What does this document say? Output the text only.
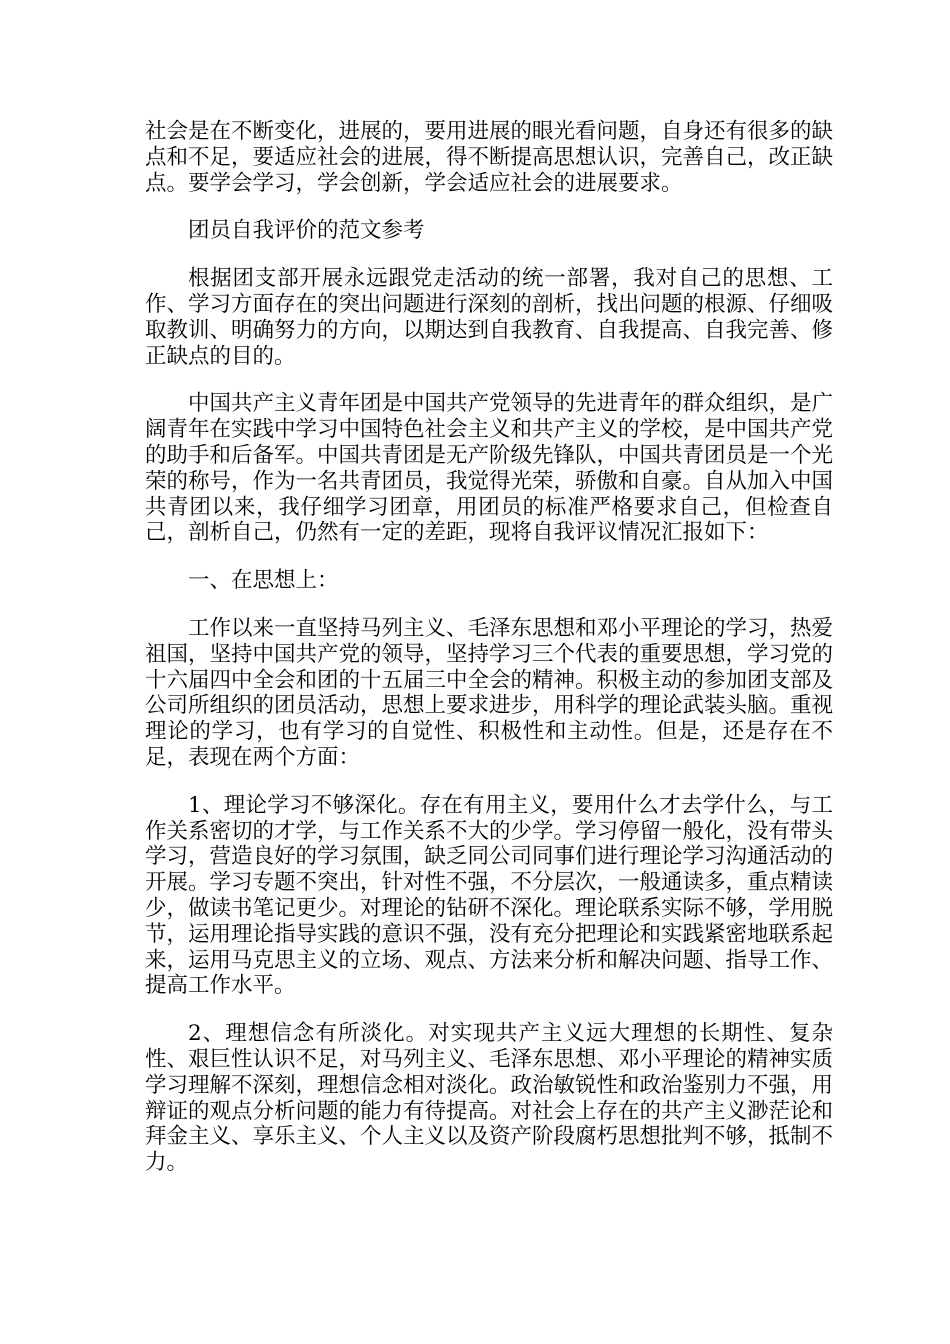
社会是在不断变化，进展的，要用进展的眼光看问题，自身还有很多的缺点和不足，要适应社会的进展，得不断提高思想认识，完善自己，改正缺点。要学会学习，学会创新，学会适应社会的进展要求。

团员自我评价的范文参考

根据团支部开展永远跟党走活动的统一部署，我对自己的思想、工作、学习方面存在的突出问题进行深刻的剖析，找出问题的根源、仔细吸取教训、明确努力的方向，以期达到自我教育、自我提高、自我完善、修正缺点的目的。

中国共产主义青年团是中国共产党领导的先进青年的群众组织，是广阔青年在实践中学习中国特色社会主义和共产主义的学校，是中国共产党的助手和后备军。中国共青团是无产阶级先锋队，中国共青团员是一个光荣的称号，作为一名共青团员，我觉得光荣，骄傲和自豪。自从加入中国共青团以来，我仔细学习团章，用团员的标准严格要求自己，但检查自己，剖析自己，仍然有一定的差距，现将自我评议情况汇报如下：

一、在思想上：

工作以来一直坚持马列主义、毛泽东思想和邓小平理论的学习，热爱祖国，坚持中国共产党的领导，坚持学习三个代表的重要思想，学习党的十六届四中全会和团的十五届三中全会的精神。积极主动的参加团支部及公司所组织的团员活动，思想上要求进步，用科学的理论武装头脑。重视理论的学习，也有学习的自觉性、积极性和主动性。但是，还是存在不足，表现在两个方面：

1、理论学习不够深化。存在有用主义，要用什么才去学什么，与工作关系密切的才学，与工作关系不大的少学。学习停留一般化，没有带头学习，营造良好的学习氛围，缺乏同公司同事们进行理论学习沟通活动的开展。学习专题不突出，针对性不强，不分层次，一般通读多，重点精读少，做读书笔记更少。对理论的钻研不深化。理论联系实际不够，学用脱节，运用理论指导实践的意识不强，没有充分把理论和实践紧密地联系起来，运用马克思主义的立场、观点、方法来分析和解决问题、指导工作、提高工作水平。

2、理想信念有所淡化。对实现共产主义远大理想的长期性、复杂性、艰巨性认识不足，对马列主义、毛泽东思想、邓小平理论的精神实质学习理解不深刻，理想信念相对淡化。政治敏锐性和政治鉴别力不强，用辩证的观点分析问题的能力有待提高。对社会上存在的共产主义渺茫论和拜金主义、享乐主义、个人主义以及资产阶段腐朽思想批判不够，抵制不力。
